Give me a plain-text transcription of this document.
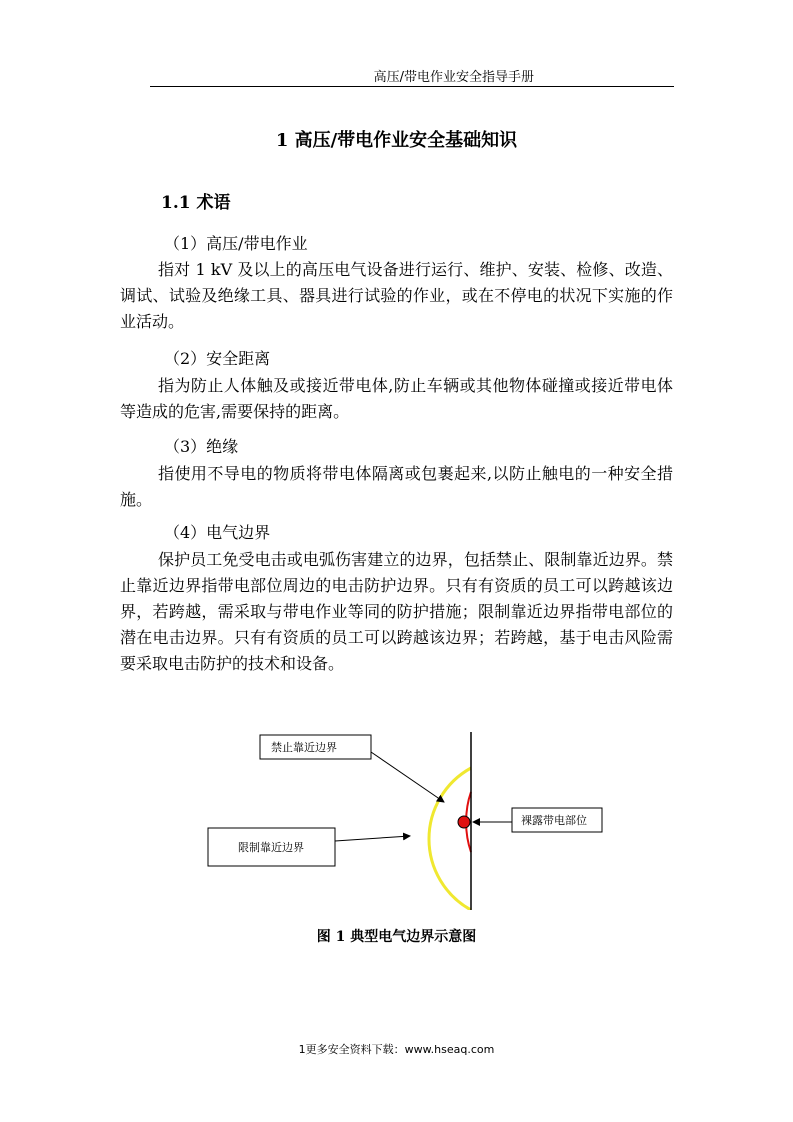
高压/带电作业安全指导手册
1 高压/带电作业安全基础知识
1.1 术语
（1）高压/带电作业

指对 1 kV 及以上的高压电气设备进行运行、维护、安装、检修、改造、调试、试验及绝缘工具、器具进行试验的作业，或在不停电的状况下实施的作业活动。

（2）安全距离

指为防止人体触及或接近带电体,防止车辆或其他物体碰撞或接近带电体等造成的危害,需要保持的距离。

（3）绝缘

指使用不导电的物质将带电体隔离或包裹起来,以防止触电的一种安全措施。

（4）电气边界

保护员工免受电击或电弧伤害建立的边界，包括禁止、限制靠近边界。禁止靠近边界指带电部位周边的电击防护边界。只有有资质的员工可以跨越该边界，若跨越，需采取与带电作业等同的防护措施；限制靠近边界指带电部位的潜在电击边界。只有有资质的员工可以跨越该边界；若跨越，基于电击风险需要采取电击防护的技术和设备。

禁止靠近边界
限制靠近边界
裸露带电部位
图 1 典型电气边界示意图
1更多安全资料下载：www.hseaq.com
